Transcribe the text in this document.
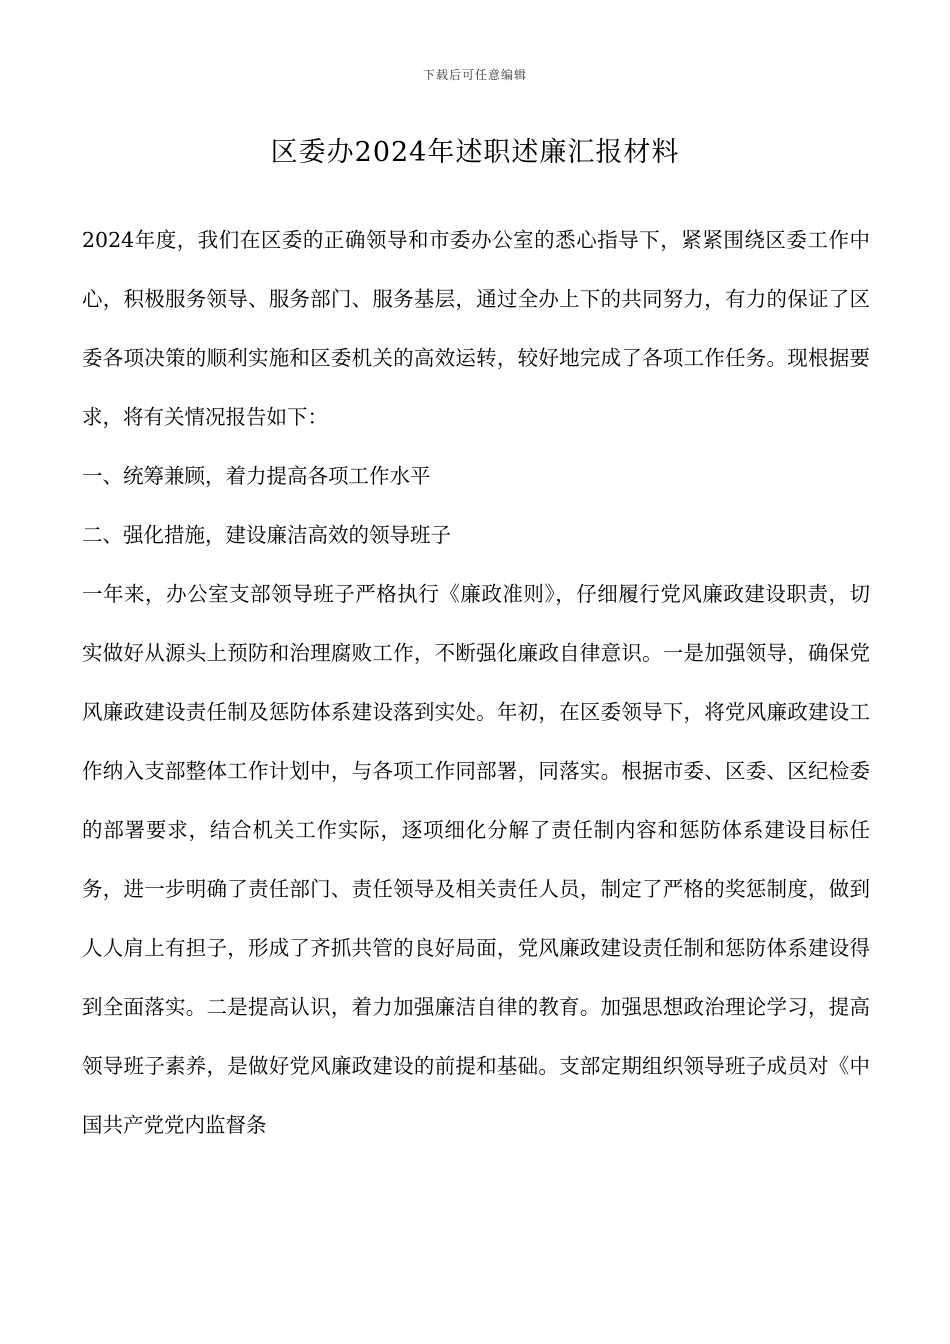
下载后可任意编辑
区委办2024年述职述廉汇报材料

2024年度，我们在区委的正确领导和市委办公室的悉心指导下，紧紧围绕区委工作中心，积极服务领导、服务部门、服务基层，通过全办上下的共同努力，有力的保证了区委各项决策的顺利实施和区委机关的高效运转，较好地完成了各项工作任务。现根据要求，将有关情况报告如下：

一、统筹兼顾，着力提高各项工作水平

二、强化措施，建设廉洁高效的领导班子

一年来，办公室支部领导班子严格执行《廉政准则》，仔细履行党风廉政建设职责，切实做好从源头上预防和治理腐败工作，不断强化廉政自律意识。一是加强领导，确保党风廉政建设责任制及惩防体系建设落到实处。年初，在区委领导下，将党风廉政建设工作纳入支部整体工作计划中，与各项工作同部署，同落实。根据市委、区委、区纪检委的部署要求，结合机关工作实际，逐项细化分解了责任制内容和惩防体系建设目标任务，进一步明确了责任部门、责任领导及相关责任人员，制定了严格的奖惩制度，做到人人肩上有担子，形成了齐抓共管的良好局面，党风廉政建设责任制和惩防体系建设得到全面落实。二是提高认识，着力加强廉洁自律的教育。加强思想政治理论学习，提高领导班子素养，是做好党风廉政建设的前提和基础。支部定期组织领导班子成员对《中国共产党党内监督条
